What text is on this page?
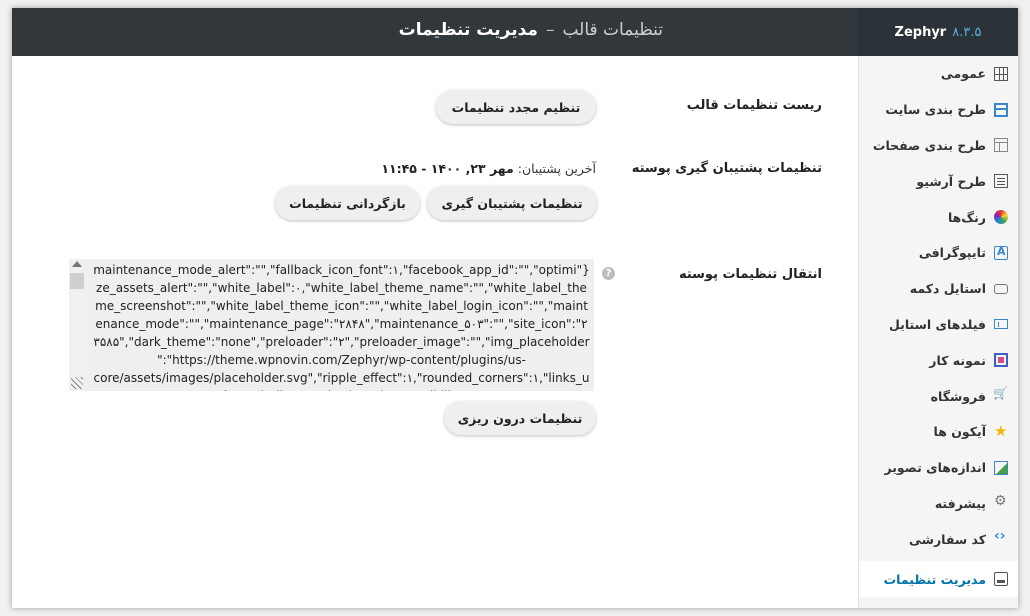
تنظیمات قالب
–
مدیریت تنظیمات	Zephyr ۸.۳.۵
عمومی
طرح بندی سایت
طرح بندی صفحات
طرح آرشیو
رنگ‌ها
تایپوگرافی
A
استایل دکمه
فیلدهای استایل
نمونه کار
فروشگاه
🛒
آیکون ها
★
اندازه‌های تصویر
پیشرفته
⚙
کد سفارشی
‹›
مدیریت تنظیمات
ریست تنظیمات قالب
تنظیم مجدد تنظیمات
تنظیمات پشتیبان گیری پوسته
آخرین پشتیبان: مهر ۲۳, ۱۴۰۰ - ۱۱:۴۵
تنظیمات پشتیبان گیری
بازگردانی تنظیمات
انتقال تنظیمات پوسته
?
{"maintenance_mode_alert":"","fallback_icon_font":۱,"facebook_app_id":"","optimize_assets_alert":"","white_label":۰,"white_label_theme_name":"","white_label_theme_screenshot":"","white_label_theme_icon":"","white_label_login_icon":"","maintenance_mode":"","maintenance_page":"۲۸۴۸","maintenance_۵۰۳":"","site_icon":"۲۳۵۸۵","dark_theme":"none","preloader":"۲","preloader_image":"","img_placeholder":"https://theme.wpnovin.com/Zephyr/wp-content/plugins/us-core/assets/images/placeholder.svg","ripple_effect":۱,"rounded_corners":۱,"links_underline":"","keyboard_accessibility":""}
تنظیمات درون ریزی
